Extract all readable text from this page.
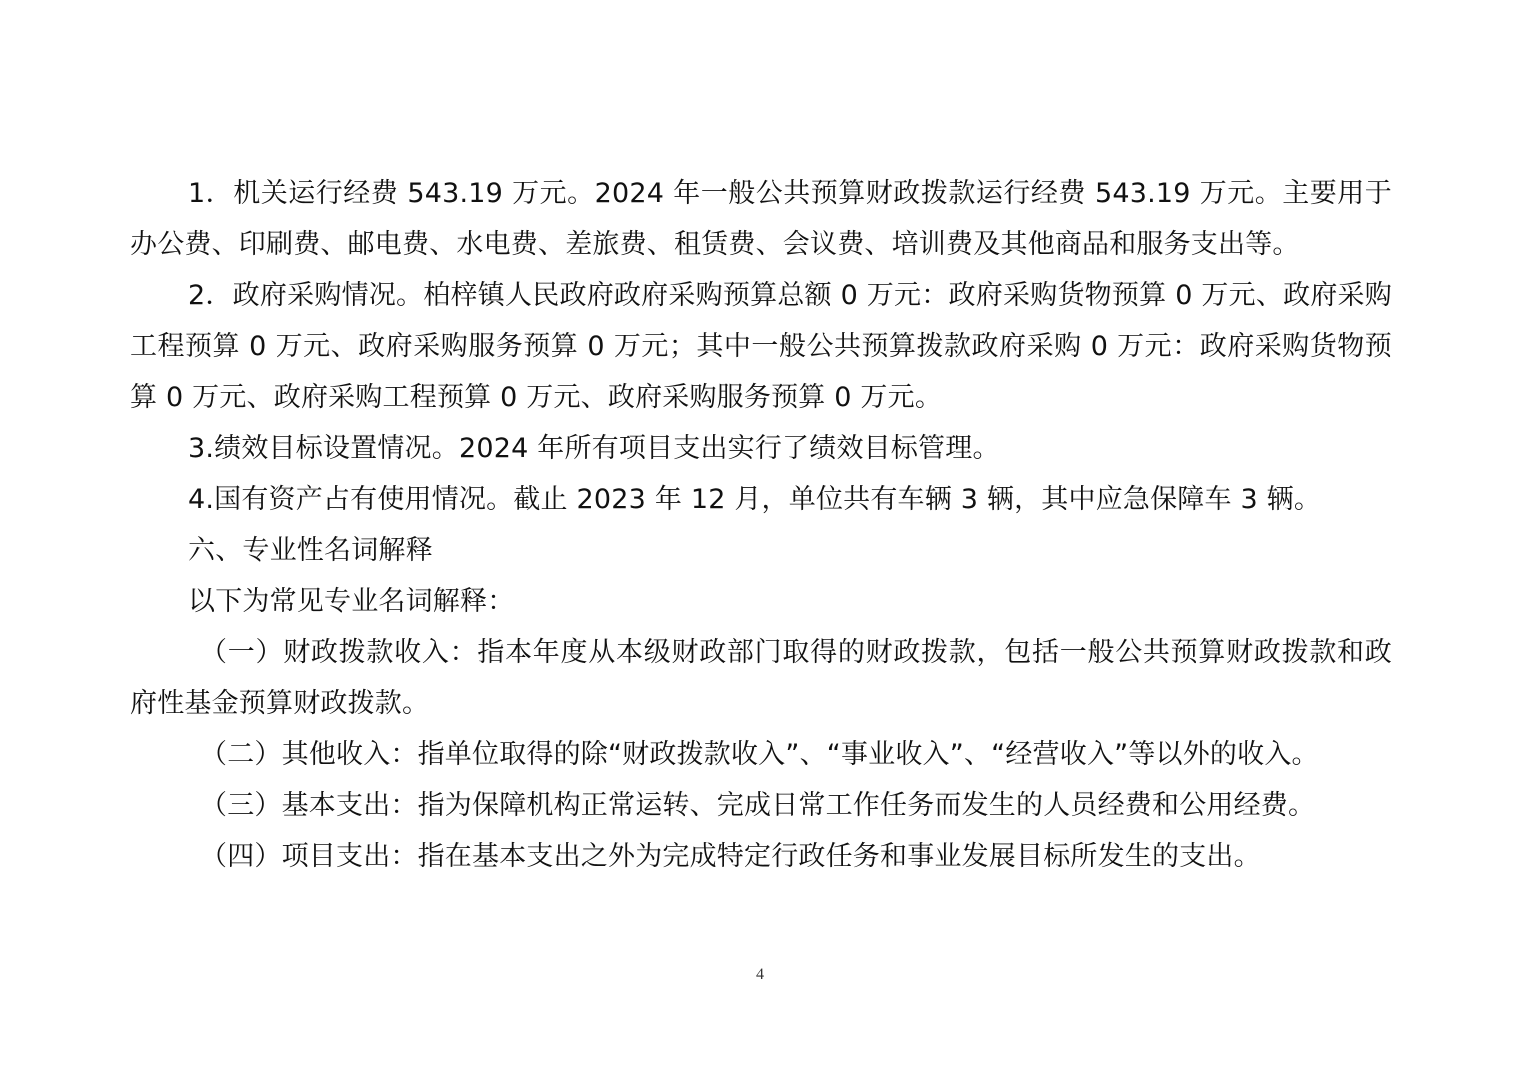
1．机关运行经费 543.19 万元。2024 年一般公共预算财政拨款运行经费 543.19 万元。主要用于办公费、印刷费、邮电费、水电费、差旅费、租赁费、会议费、培训费及其他商品和服务支出等。

2．政府采购情况。柏梓镇人民政府政府采购预算总额 0 万元：政府采购货物预算 0 万元、政府采购工程预算 0 万元、政府采购服务预算 0 万元；其中一般公共预算拨款政府采购 0 万元：政府采购货物预算 0 万元、政府采购工程预算 0 万元、政府采购服务预算 0 万元。

3.绩效目标设置情况。2024 年所有项目支出实行了绩效目标管理。

4.国有资产占有使用情况。截止 2023 年 12 月，单位共有车辆 3 辆，其中应急保障车 3 辆。

六、专业性名词解释

以下为常见专业名词解释：

（一）财政拨款收入：指本年度从本级财政部门取得的财政拨款，包括一般公共预算财政拨款和政府性基金预算财政拨款。

（二）其他收入：指单位取得的除“财政拨款收入”、“事业收入”、“经营收入”等以外的收入。

（三）基本支出：指为保障机构正常运转、完成日常工作任务而发生的人员经费和公用经费。

（四）项目支出：指在基本支出之外为完成特定行政任务和事业发展目标所发生的支出。

4
